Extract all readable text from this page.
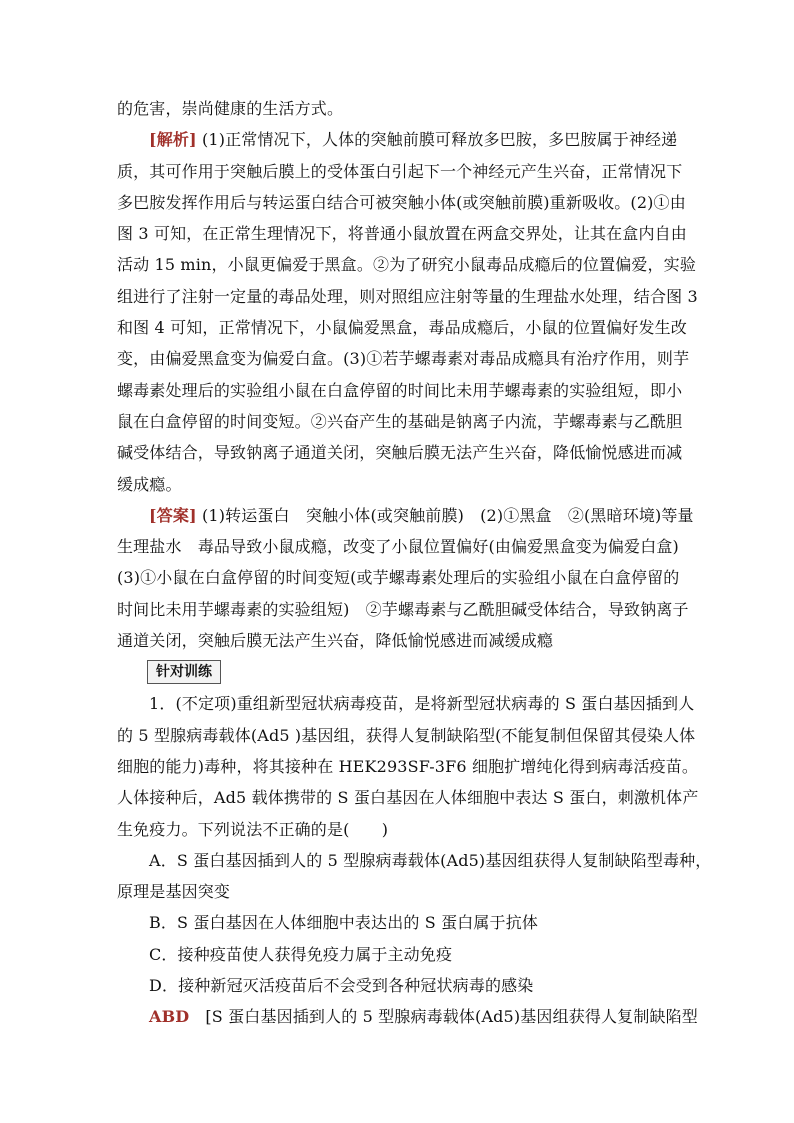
的危害，崇尚健康的生活方式。
[解析] (1)正常情况下，人体的突触前膜可释放多巴胺，多巴胺属于神经递
质，其可作用于突触后膜上的受体蛋白引起下一个神经元产生兴奋，正常情况下
多巴胺发挥作用后与转运蛋白结合可被突触小体(或突触前膜)重新吸收。(2)①由
图 3 可知，在正常生理情况下，将普通小鼠放置在两盒交界处，让其在盒内自由
活动 15 min，小鼠更偏爱于黑盒。②为了研究小鼠毒品成瘾后的位置偏爱，实验
组进行了注射一定量的毒品处理，则对照组应注射等量的生理盐水处理，结合图 3
和图 4 可知，正常情况下，小鼠偏爱黑盒，毒品成瘾后，小鼠的位置偏好发生改
变，由偏爱黑盒变为偏爱白盒。(3)①若芋螺毒素对毒品成瘾具有治疗作用，则芋
螺毒素处理后的实验组小鼠在白盒停留的时间比未用芋螺毒素的实验组短，即小
鼠在白盒停留的时间变短。②兴奋产生的基础是钠离子内流，芋螺毒素与乙酰胆
碱受体结合，导致钠离子通道关闭，突触后膜无法产生兴奋，降低愉悦感进而减
缓成瘾。
[答案] (1)转运蛋白　突触小体(或突触前膜)　(2)①黑盒　②(黑暗环境)等量
生理盐水　毒品导致小鼠成瘾，改变了小鼠位置偏好(由偏爱黑盒变为偏爱白盒)
(3)①小鼠在白盒停留的时间变短(或芋螺毒素处理后的实验组小鼠在白盒停留的
时间比未用芋螺毒素的实验组短)　②芋螺毒素与乙酰胆碱受体结合，导致钠离子
通道关闭，突触后膜无法产生兴奋，降低愉悦感进而减缓成瘾
针对训练
1．(不定项)重组新型冠状病毒疫苗，是将新型冠状病毒的 S 蛋白基因插到人
的 5 型腺病毒载体(Ad5 )基因组，获得人复制缺陷型(不能复制但保留其侵染人体
细胞的能力)毒种，将其接种在 HEK293SF-3F6 细胞扩增纯化得到病毒活疫苗。
人体接种后，Ad5 载体携带的 S 蛋白基因在人体细胞中表达 S 蛋白，刺激机体产
生免疫力。下列说法不正确的是(　　)
A．S 蛋白基因插到人的 5 型腺病毒载体(Ad5)基因组获得人复制缺陷型毒种，
原理是基因突变
B．S 蛋白基因在人体细胞中表达出的 S 蛋白属于抗体
C．接种疫苗使人获得免疫力属于主动免疫
D．接种新冠灭活疫苗后不会受到各种冠状病毒的感染
ABD　[S 蛋白基因插到人的 5 型腺病毒载体(Ad5)基因组获得人复制缺陷型
